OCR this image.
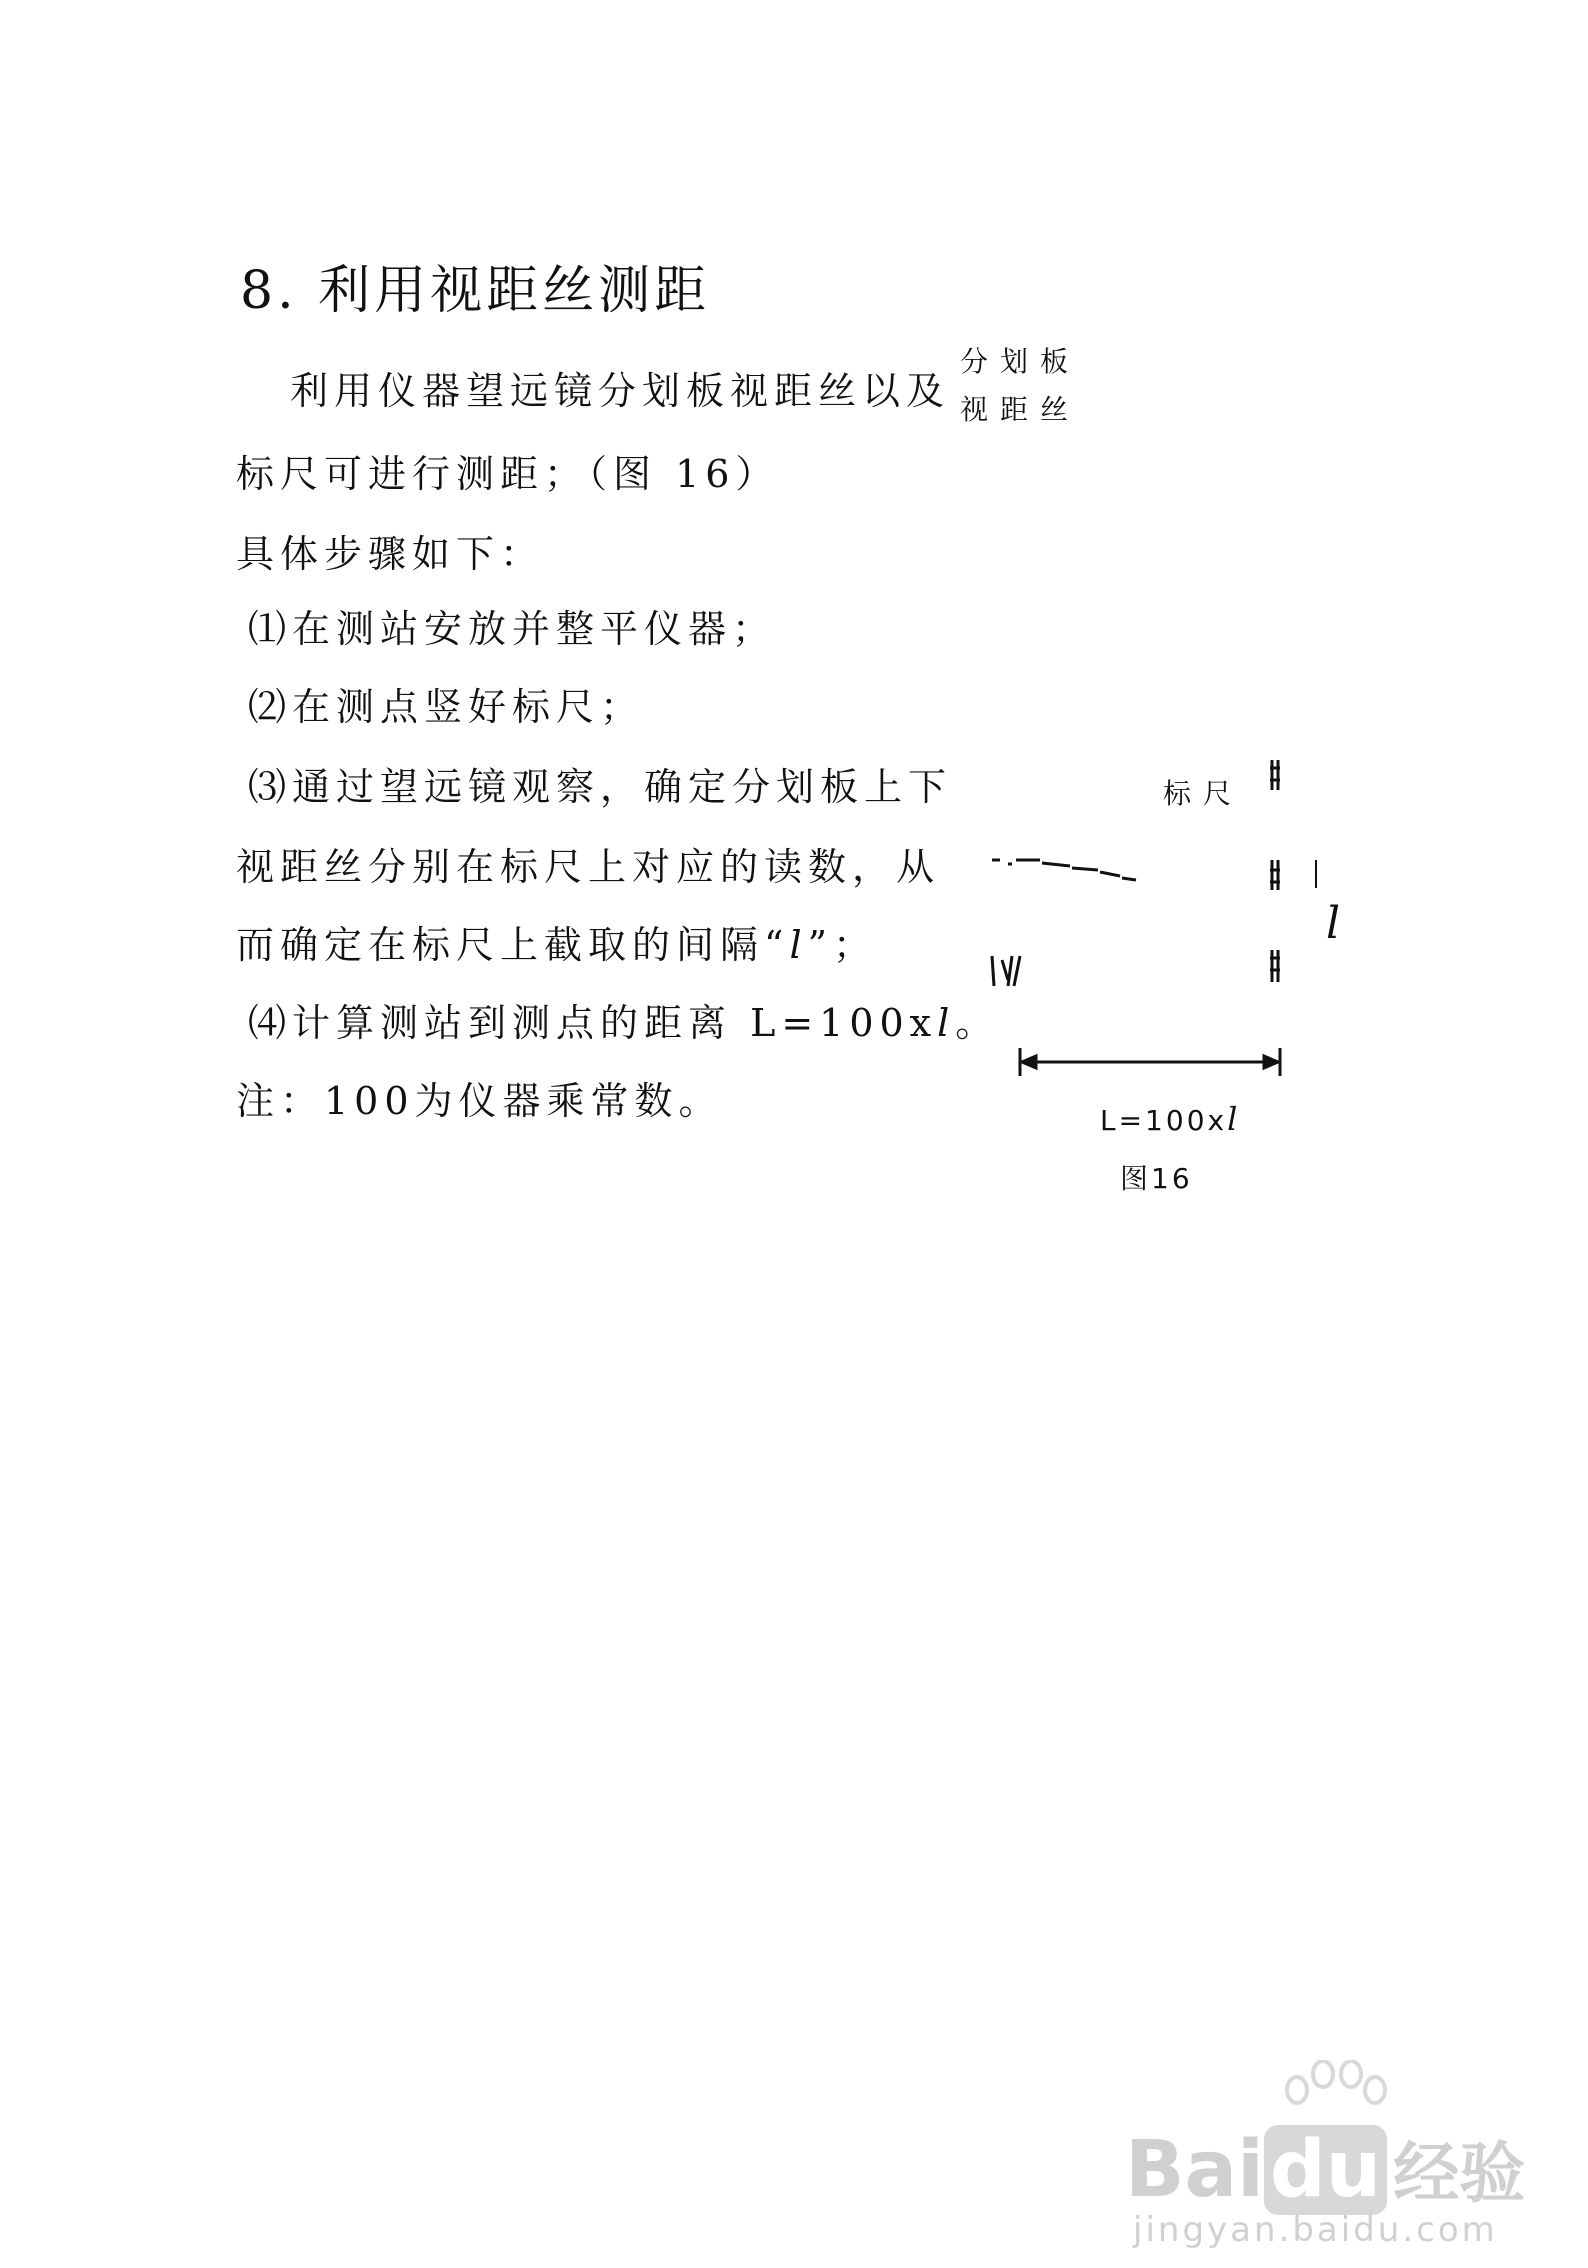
8. 利用视距丝测距
利用仪器望远镜分划板视距丝以及
标尺可进行测距；（图 16）
具体步骤如下：
⑴在测站安放并整平仪器；
⑵在测点竖好标尺；
⑶通过望远镜观察，确定分划板上下
视距丝分别在标尺上对应的读数，从
而确定在标尺上截取的间隔“l”；
⑷计算测站到测点的距离 L=100xl。
注：100为仪器乘常数。
分划板
视距丝
标尺
l
L=100xl
图16
Baidu 经验
jingyan.baidu.com
